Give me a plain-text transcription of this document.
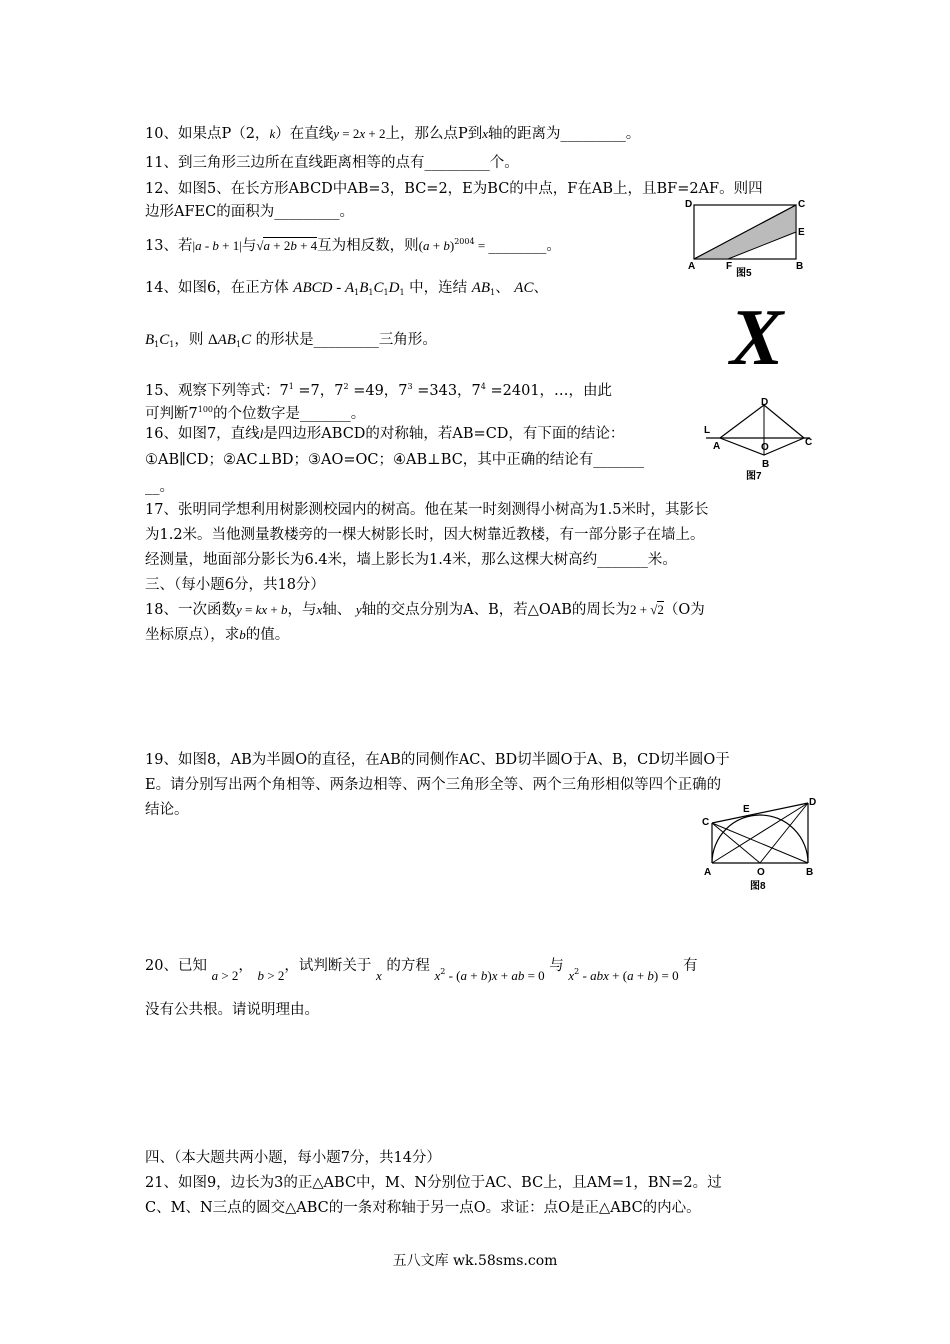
10、如果点P（2，k）在直线y = 2x + 2上，那么点P到x轴的距离为_________。
11、到三角形三边所在直线距离相等的点有_________个。
12、如图5、在长方形ABCD中AB=3，BC=2，E为BC的中点，F在AB上，且BF=2AF。则四
边形AFEC的面积为_________。
13、若|a - b + 1|与√a + 2b + 4互为相反数，则$(a + b)^{2004}$ = ________。
D	C
E
A	F	B
图5
14、如图6，在正方体 ABCD - $A_1B_1C_1D_1$ 中，连结 $AB_1$、 AC、
$B_1C_1$，则 $\Delta AB_1C$ 的形状是_________三角形。	X
15、观察下列等式：$7^1 =7$，$7^2 =49$，$7^3 =343$，$7^4 =2401$，…，由此
可判断$7^{100}$的个位数字是_______。
16、如图7，直线l是四边形ABCD的对称轴，若AB=CD，有下面的结论：
①AB∥CD；②AC⊥BD；③AO=OC；④AB⊥BC，其中正确的结论有_______
__。
L
D
A	O	C
B
图7
17、张明同学想利用树影测校园内的树高。他在某一时刻测得小树高为1.5米时，其影长
为1.2米。当他测量教楼旁的一棵大树影长时，因大树靠近教楼，有一部分影子在墙上。
经测量，地面部分影长为6.4米，墙上影长为1.4米，那么这棵大树高约_______米。
三、（每小题6分，共18分）
18、一次函数y = kx + b，与x轴、 y轴的交点分别为A、B，若△OAB的周长为2 + √2（O为
坐标原点），求b的值。
19、如图8，AB为半圆O的直径，在AB的同侧作AC、BD切半圆O于A、B，CD切半圆O于
E。请分别写出两个角相等、两条边相等、两个三角形全等、两个三角形相似等四个正确的
结论。
C
E
D
A	O	B
图8
20、已知 a > 2， b > 2，试判断关于 x 的方程 $x^2 - (a + b)x$ + ab = 0 与 $x^2$ - abx + (a + b) = 0 有
没有公共根。请说明理由。
四、（本大题共两小题，每小题7分，共14分）
21、如图9，边长为3的正△ABC中，M、N分别位于AC、BC上，且AM=1，BN=2。过
C、M、N三点的圆交△ABC的一条对称轴于另一点O。求证：点O是正△ABC的内心。
五八文库 wk.58sms.com
